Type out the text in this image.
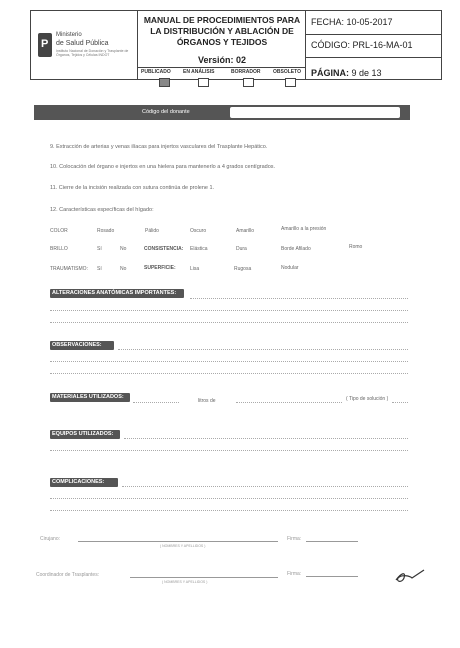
P
Ministerio
de Salud Pública
Instituto Nacional de Donación y Trasplante de Órganos, Tejidos y Células INDOT
MANUAL DE PROCEDIMIENTOS PARA LA DISTRIBUCIÓN Y ABLACIÓN DE ÓRGANOS Y TEJIDOS
Versión: 02
PUBLICADO EN ANÁLISIS	BORRADOR	OBSOLETO
FECHA: 10-05-2017
CÓDIGO: PRL-16-MA-01
PÁGINA: 9 de 13
Código del donante
9. Extracción de arterias y venas ilíacas para injertos vasculares del Trasplante Hepático.
10. Colocación del órgano e injertos en una hielera para mantenerlo a 4 grados centígrados.
11. Cierre de la incisión realizada con sutura continúa de prolene 1.
12. Características específicas del hígado:
COLOR	Rosado	Pálido	Oscuro	Amarillo	Amarillo a la presión
BRILLO	Sí	No	CONSISTENCIA: Elástica	Dura	Borde Afilado	Romo
TRAUMATISMO: Sí	No	SUPERFICIE:	Lisa	Rugosa	Nodular
ALTERACIONES ANATÓMICAS IMPORTANTES:
OBSERVACIONES:
MATERIALES UTILIZADOS:
litros de	( Tipo de solución )
EQUIPOS UTILIZADOS:
COMPLICACIONES:
Cirujano:
( NOMBRES Y APELLIDOS )
Firma:
Coordinador de Trasplantes:
( NOMBRES Y APELLIDOS )
Firma:
